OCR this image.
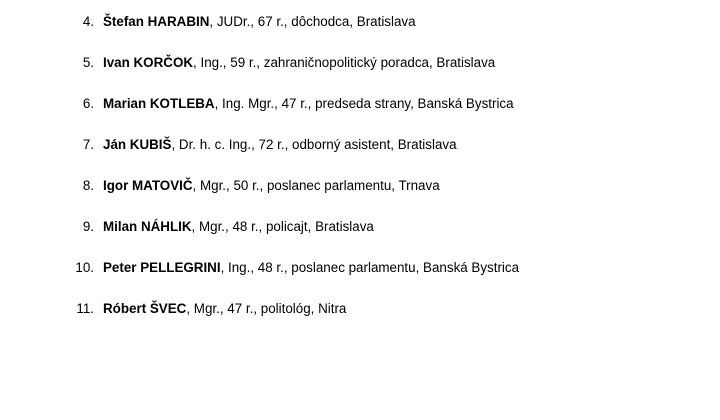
4. Štefan HARABIN, JUDr., 67 r., dôchodca, Bratislava
5. Ivan KORČOK, Ing., 59 r., zahraničnopolitický poradca, Bratislava
6. Marian KOTLEBA, Ing. Mgr., 47 r., predseda strany, Banská Bystrica
7. Ján KUBIŠ, Dr. h. c. Ing., 72 r., odborný asistent, Bratislava
8. Igor MATOVIČ, Mgr., 50 r., poslanec parlamentu, Trnava
9. Milan NÁHLIK, Mgr., 48 r., policajt, Bratislava
10. Peter PELLEGRINI, Ing., 48 r., poslanec parlamentu, Banská Bystrica
11. Róbert ŠVEC, Mgr., 47 r., politológ, Nitra
